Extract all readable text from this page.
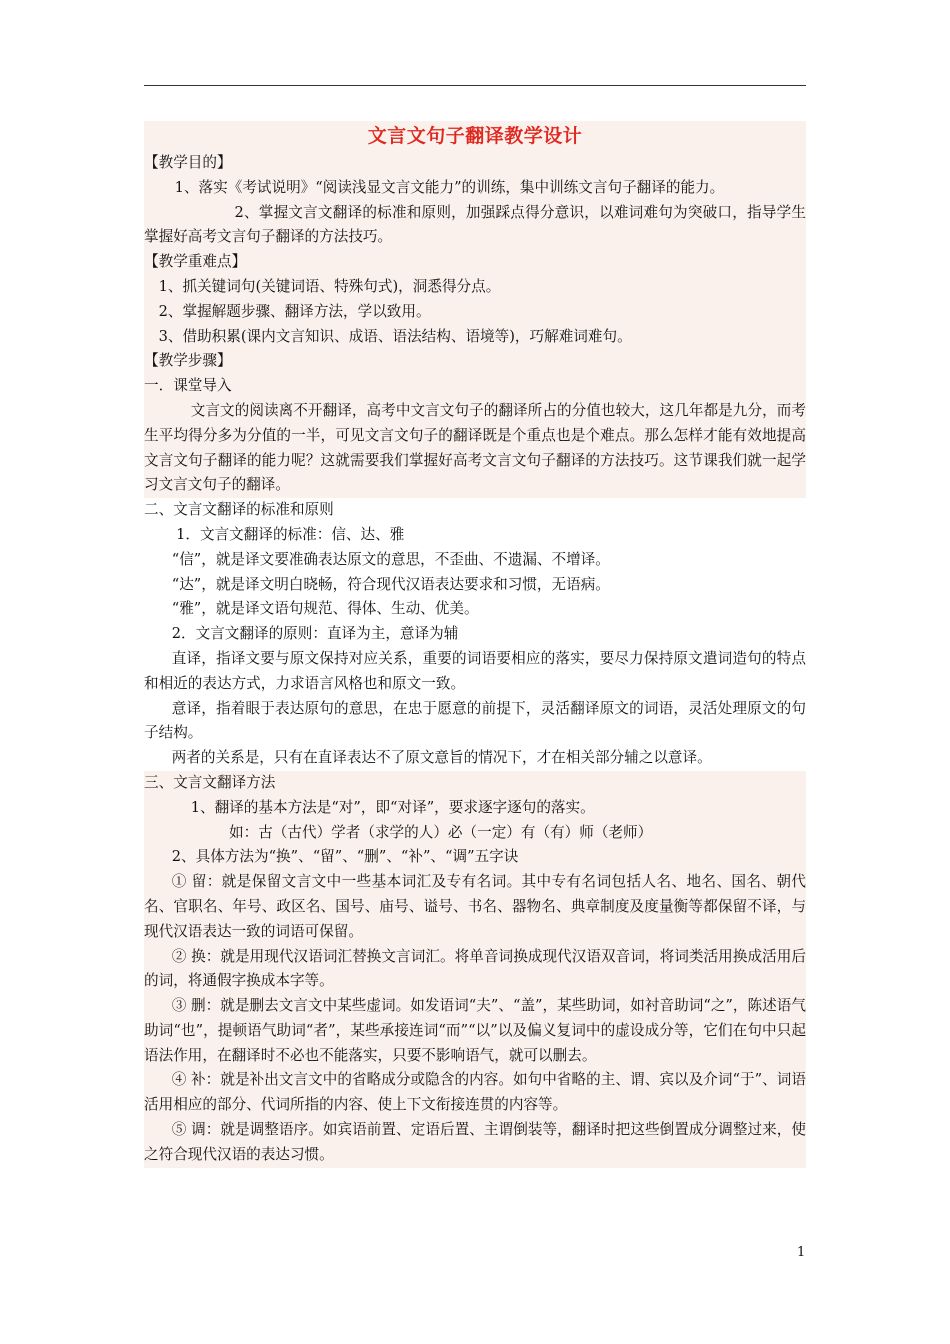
文言文句子翻译教学设计

【教学目的】

1、落实《考试说明》“阅读浅显文言文能力”的训练，集中训练文言句子翻译的能力。

2、掌握文言文翻译的标准和原则，加强踩点得分意识，以难词难句为突破口，指导学生掌握好高考文言句子翻译的方法技巧。

【教学重难点】

1、抓关键词句(关键词语、特殊句式)，洞悉得分点。

2、掌握解题步骤、翻译方法，学以致用。

3、借助积累(课内文言知识、成语、语法结构、语境等)，巧解难词难句。

【教学步骤】

一．课堂导入

文言文的阅读离不开翻译，高考中文言文句子的翻译所占的分值也较大，这几年都是九分，而考生平均得分多为分值的一半，可见文言文句子的翻译既是个重点也是个难点。那么怎样才能有效地提高文言文句子翻译的能力呢？这就需要我们掌握好高考文言文句子翻译的方法技巧。这节课我们就一起学习文言文句子的翻译。

二、文言文翻译的标准和原则

1．文言文翻译的标准：信、达、雅

“信”，就是译文要准确表达原文的意思，不歪曲、不遗漏、不增译。

“达”，就是译文明白晓畅，符合现代汉语表达要求和习惯，无语病。

“雅”，就是译文语句规范、得体、生动、优美。

2．文言文翻译的原则：直译为主，意译为辅

直译，指译文要与原文保持对应关系，重要的词语要相应的落实，要尽力保持原文遣词造句的特点和相近的表达方式，力求语言风格也和原文一致。

意译，指着眼于表达原句的意思，在忠于愿意的前提下，灵活翻译原文的词语，灵活处理原文的句子结构。

两者的关系是，只有在直译表达不了原文意旨的情况下，才在相关部分辅之以意译。

三、文言文翻译方法

1、翻译的基本方法是“对”，即“对译”，要求逐字逐句的落实。

如：古（古代）学者（求学的人）必（一定）有（有）师（老师）

2、具体方法为“换”、“留”、“删”、“补”、“调”五字诀

① 留：就是保留文言文中一些基本词汇及专有名词。其中专有名词包括人名、地名、国名、朝代名、官职名、年号、政区名、国号、庙号、谥号、书名、器物名、典章制度及度量衡等都保留不译，与现代汉语表达一致的词语可保留。

② 换：就是用现代汉语词汇替换文言词汇。将单音词换成现代汉语双音词，将词类活用换成活用后的词，将通假字换成本字等。

③ 删：就是删去文言文中某些虚词。如发语词“夫”、“盖”，某些助词，如衬音助词“之”，陈述语气助词“也”，提顿语气助词“者”，某些承接连词“而”“以”以及偏义复词中的虚设成分等，它们在句中只起语法作用，在翻译时不必也不能落实，只要不影响语气，就可以删去。

④ 补：就是补出文言文中的省略成分或隐含的内容。如句中省略的主、谓、宾以及介词“于”、词语活用相应的部分、代词所指的内容、使上下文衔接连贯的内容等。

⑤ 调：就是调整语序。如宾语前置、定语后置、主谓倒装等，翻译时把这些倒置成分调整过来，使之符合现代汉语的表达习惯。

1
